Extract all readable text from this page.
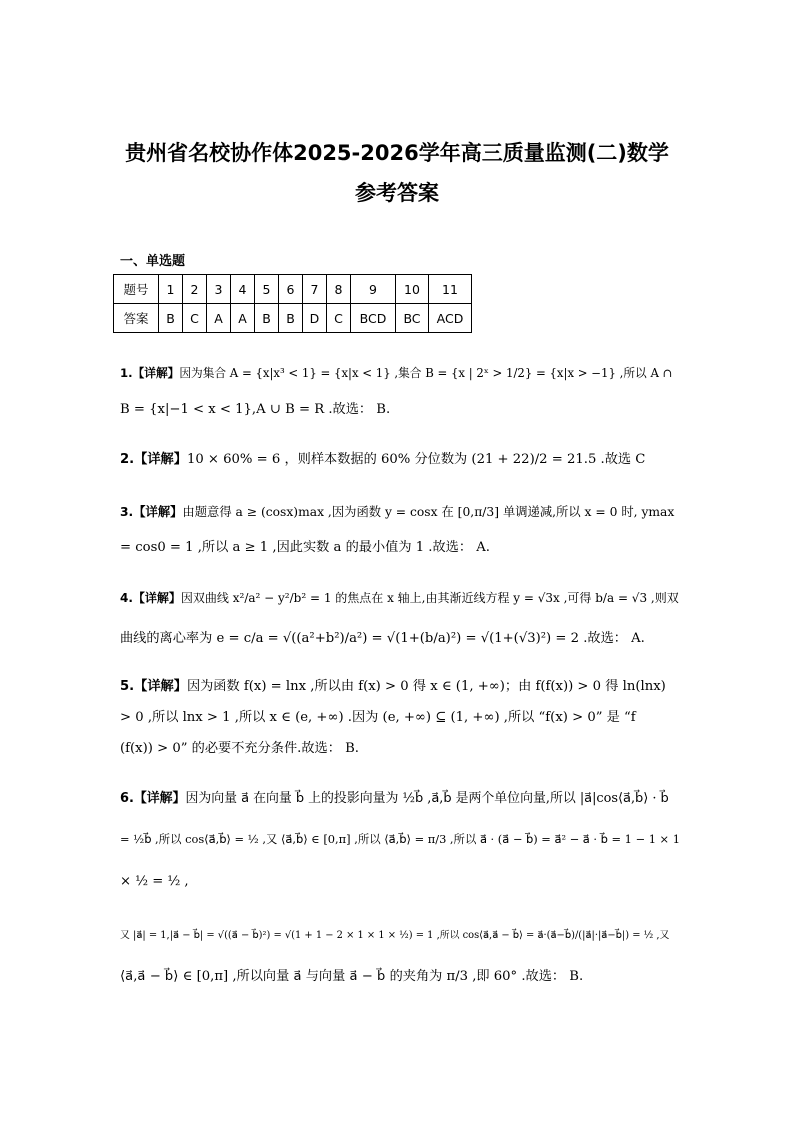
贵州省名校协作体2025-2026学年高三质量监测(二)数学
参考答案
一、单选题
题号	1	2	3	4	5	6	7	8	9	10	11
答案	B	C	A	A	B	B	D	C	BCD	BC	ACD
1.【详解】因为集合 A = {x|x³ < 1} = {x|x < 1} ,集合 B = {x | 2ˣ > 1/2} = {x|x > −1} ,所以 A ∩
B = {x|−1 < x < 1},A ∪ B = R .故选： B.
2.【详解】10 × 60% = 6 ，则样本数据的 60% 分位数为 (21 + 22)/2 = 21.5 .故选 C
3.【详解】由题意得 a ≥ (cosx)max ,因为函数 y = cosx 在 [0,π/3] 单调递减,所以 x = 0 时, ymax
= cos0 = 1 ,所以 a ≥ 1 ,因此实数 a 的最小值为 1 .故选： A.
4.【详解】因双曲线 x²/a² − y²/b² = 1 的焦点在 x 轴上,由其渐近线方程 y = √3x ,可得 b/a = √3 ,则双
曲线的离心率为 e = c/a = √((a²+b²)/a²) = √(1+(b/a)²) = √(1+(√3)²) = 2 .故选： A.
5.【详解】因为函数 f(x) = lnx ,所以由 f(x) > 0 得 x ∈ (1, +∞)；由 f(f(x)) > 0 得 ln(lnx)
> 0 ,所以 lnx > 1 ,所以 x ∈ (e, +∞) .因为 (e, +∞) ⊆ (1, +∞) ,所以 “f(x) > 0” 是 “f
(f(x)) > 0” 的必要不充分条件.故选： B.
6.【详解】因为向量 a⃗ 在向量 b⃗ 上的投影向量为 ½b⃗ ,a⃗,b⃗ 是两个单位向量,所以 |a⃗|cos⟨a⃗,b⃗⟩ · b⃗
= ½b⃗ ,所以 cos⟨a⃗,b⃗⟩ = ½ ,又 ⟨a⃗,b⃗⟩ ∈ [0,π] ,所以 ⟨a⃗,b⃗⟩ = π/3 ,所以 a⃗ · (a⃗ − b⃗) = a⃗² − a⃗ · b⃗ = 1 − 1 × 1
× ½ = ½ ,
又 |a⃗| = 1,|a⃗ − b⃗| = √((a⃗ − b⃗)²) = √(1 + 1 − 2 × 1 × 1 × ½) = 1 ,所以 cos⟨a⃗,a⃗ − b⃗⟩ = a⃗·(a⃗−b⃗)/(|a⃗|·|a⃗−b⃗|) = ½ ,又
⟨a⃗,a⃗ − b⃗⟩ ∈ [0,π] ,所以向量 a⃗ 与向量 a⃗ − b⃗ 的夹角为 π/3 ,即 60° .故选： B.
